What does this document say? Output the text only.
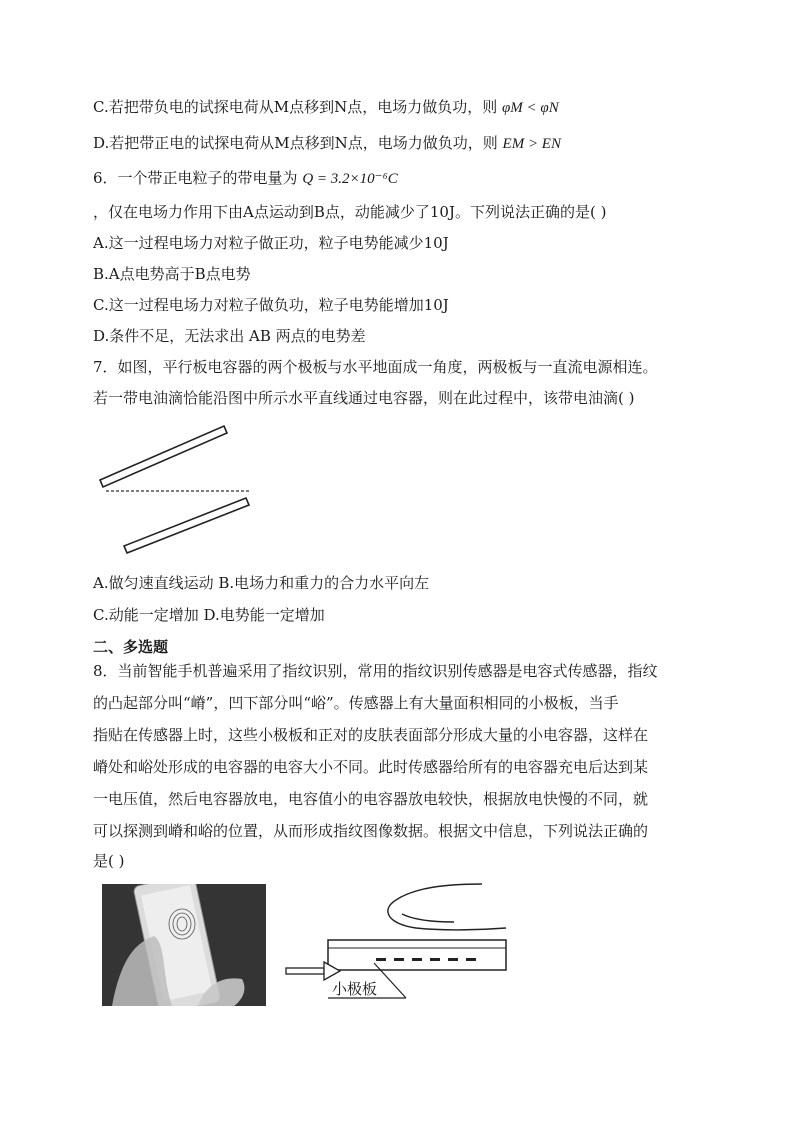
C.若把带负电的试探电荷从M点移到N点，电场力做负功，则 φM < φN
D.若把带正电的试探电荷从M点移到N点，电场力做负功，则 EM > EN
6．一个带正电粒子的带电量为 Q = 3.2×10⁻⁶C
，仅在电场力作用下由A点运动到B点，动能减少了10J。下列说法正确的是( )
A.这一过程电场力对粒子做正功，粒子电势能减少10J
B.A点电势高于B点电势
C.这一过程电场力对粒子做负功，粒子电势能增加10J
D.条件不足，无法求出 AB 两点的电势差
7．如图，平行板电容器的两个极板与水平地面成一角度，两极板与一直流电源相连。
若一带电油滴恰能沿图中所示水平直线通过电容器，则在此过程中，该带电油滴( )
A.做匀速直线运动 B.电场力和重力的合力水平向左
C.动能一定增加 D.电势能一定增加
二、多选题
8．当前智能手机普遍采用了指纹识别，常用的指纹识别传感器是电容式传感器，指纹
的凸起部分叫“嵴”，凹下部分叫“峪”。传感器上有大量面积相同的小极板，当手
指贴在传感器上时，这些小极板和正对的皮肤表面部分形成大量的小电容器，这样在
嵴处和峪处形成的电容器的电容大小不同。此时传感器给所有的电容器充电后达到某
一电压值，然后电容器放电，电容值小的电容器放电较快，根据放电快慢的不同，就
可以探测到嵴和峪的位置，从而形成指纹图像数据。根据文中信息，下列说法正确的
是( )
小极板
